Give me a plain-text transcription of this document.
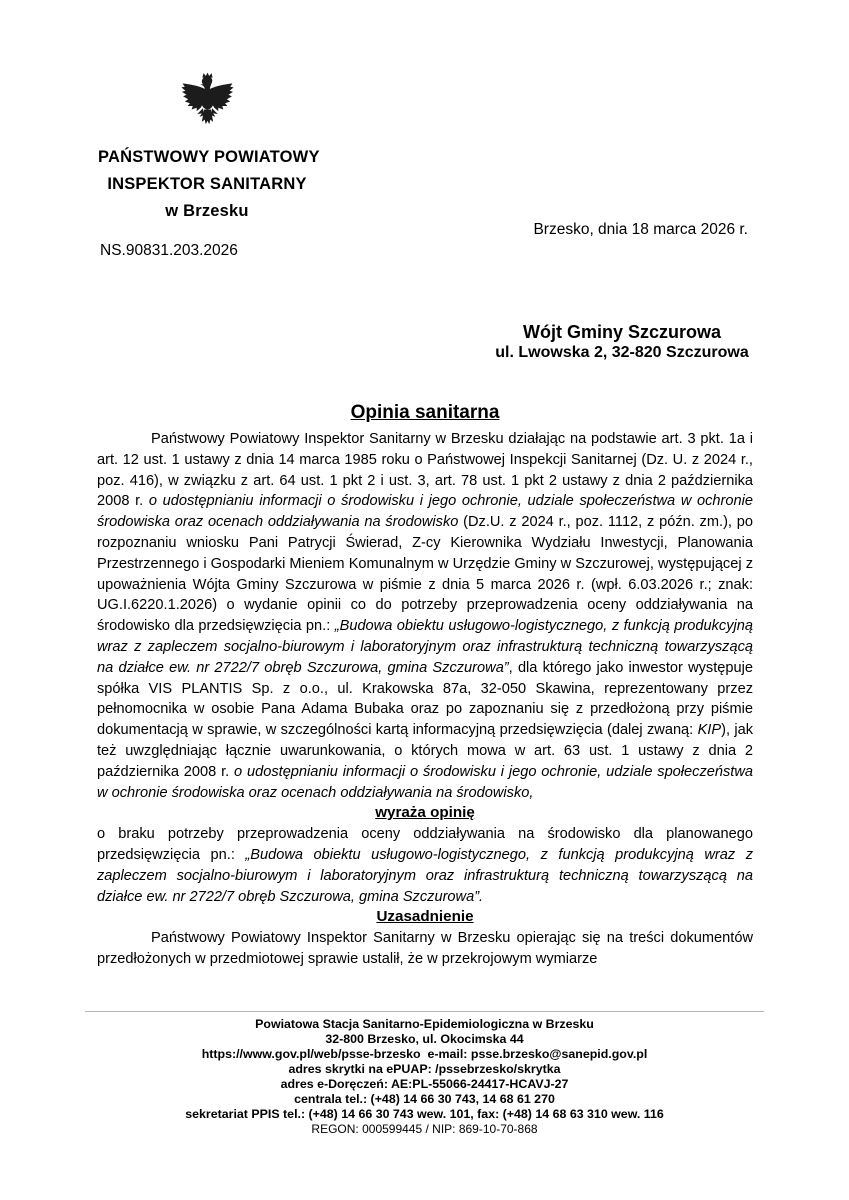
PAŃSTWOWY POWIATOWY
INSPEKTOR SANITARNY
w Brzesku
Brzesko, dnia 18 marca 2026 r.
NS.90831.203.2026
Wójt Gminy Szczurowa
ul. Lwowska 2, 32-820 Szczurowa
Opinia sanitarna

Państwowy Powiatowy Inspektor Sanitarny w Brzesku działając na podstawie art. 3 pkt. 1a i art. 12 ust. 1 ustawy z dnia 14 marca 1985 roku o Państwowej Inspekcji Sanitarnej (Dz. U. z 2024 r., poz. 416), w związku z art. 64 ust. 1 pkt 2 i ust. 3, art. 78 ust. 1 pkt 2 ustawy z dnia 2 października 2008 r. o udostępnianiu informacji o środowisku i jego ochronie, udziale społeczeństwa w ochronie środowiska oraz ocenach oddziaływania na środowisko (Dz.U. z 2024 r., poz. 1112, z późn. zm.), po rozpoznaniu wniosku Pani Patrycji Świerad, Z-cy Kierownika Wydziału Inwestycji, Planowania Przestrzennego i Gospodarki Mieniem Komunalnym w Urzędzie Gminy w Szczurowej, występującej z upoważnienia Wójta Gminy Szczurowa w piśmie z dnia 5 marca 2026 r. (wpł. 6.03.2026 r.; znak: UG.I.6220.1.2026) o wydanie opinii co do potrzeby przeprowadzenia oceny oddziaływania na środowisko dla przedsięwzięcia pn.: „Budowa obiektu usługowo-logistycznego, z funkcją produkcyjną wraz z zapleczem socjalno-biurowym i laboratoryjnym oraz infrastrukturą techniczną towarzyszącą na działce ew. nr 2722/7 obręb Szczurowa, gmina Szczurowa”, dla którego jako inwestor występuje spółka VIS PLANTIS Sp. z o.o., ul. Krakowska 87a, 32-050 Skawina, reprezentowany przez pełnomocnika w osobie Pana Adama Bubaka oraz po zapoznaniu się z przedłożoną przy piśmie dokumentacją w sprawie, w szczególności kartą informacyjną przedsięwzięcia (dalej zwaną: KIP), jak też uwzględniając łącznie uwarunkowania, o których mowa w art. 63 ust. 1 ustawy z dnia 2 października 2008 r. o udostępnianiu informacji o środowisku i jego ochronie, udziale społeczeństwa w ochronie środowiska oraz ocenach oddziaływania na środowisko,

wyraża opinię

o braku potrzeby przeprowadzenia oceny oddziaływania na środowisko dla planowanego przedsięwzięcia pn.: „Budowa obiektu usługowo-logistycznego, z funkcją produkcyjną wraz z zapleczem socjalno-biurowym i laboratoryjnym oraz infrastrukturą techniczną towarzyszącą na działce ew. nr 2722/7 obręb Szczurowa, gmina Szczurowa”.

Uzasadnienie

Państwowy Powiatowy Inspektor Sanitarny w Brzesku opierając się na treści dokumentów przedłożonych w przedmiotowej sprawie ustalił, że w przekrojowym wymiarze

Powiatowa Stacja Sanitarno-Epidemiologiczna w Brzesku
32-800 Brzesko, ul. Okocimska 44
https://www.gov.pl/web/psse-brzesko  e-mail: psse.brzesko@sanepid.gov.pl
adres skrytki na ePUAP: /pssebrzesko/skrytka
adres e-Doręczeń: AE:PL-55066-24417-HCAVJ-27
centrala tel.: (+48) 14 66 30 743, 14 68 61 270
sekretariat PPIS tel.: (+48) 14 66 30 743 wew. 101, fax: (+48) 14 68 63 310 wew. 116
REGON: 000599445 / NIP: 869-10-70-868
